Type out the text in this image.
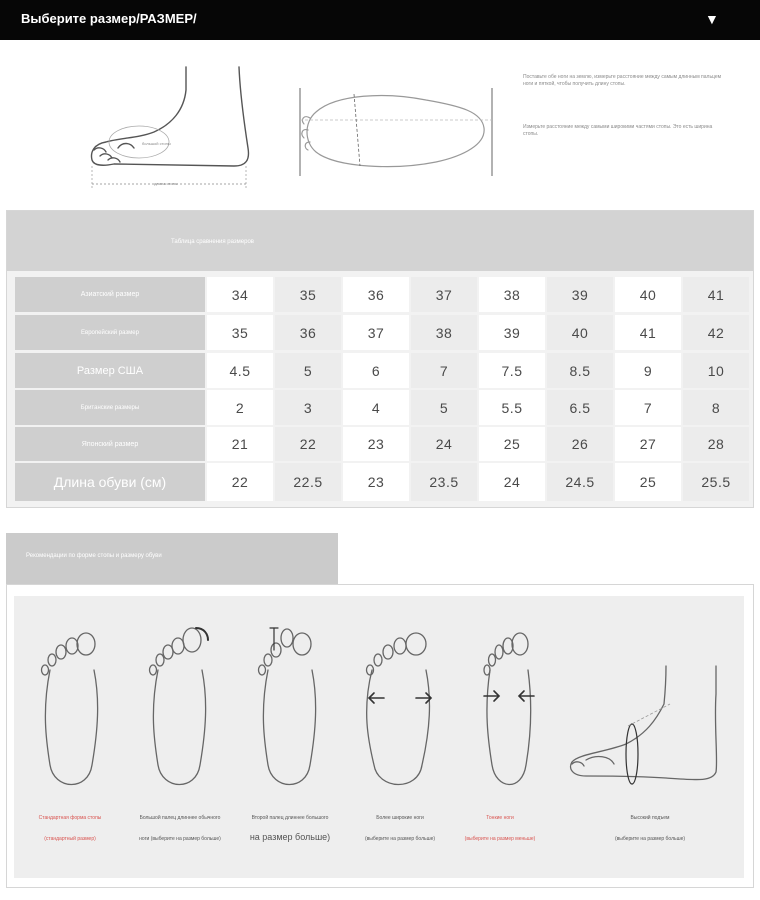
Выберите размер/РАЗМЕР/	▼
большой стопы
длина стопы
Поставьте обе ноги на землю, измерьте расстояние между самым длинным пальцем ноги и пяткой, чтобы получить длину стопы.
Измерьте расстояние между самыми широкими частями стопы. Это есть ширина стопы.
Таблица сравнения размеров
Азиатский размер	34	35	36	37	38	39	40	41
Европейский размер	35	36	37	38	39	40	41	42
Размер США	4.5	5	6	7	7.5	8.5	9	10
Британские размеры	2	3	4	5	5.5	6.5	7	8
Японский размер	21	22	23	24	25	26	27	28
Длина обуви (см)	22	22.5	23	23.5	24	24.5	25	25.5
Рекомендации по форме стопы и размеру обуви
Стандартная форма стопы
(стандартный размер)
Большой палец длиннее обычного
ноги (выберите на размер больше)
Второй палец длиннее большого
на размер больше)
Более широкие ноги
(выберите на размер больше)
Тонкие ноги
(выберите на размер меньше)
Высокий подъем
(выберите на размер больше)
